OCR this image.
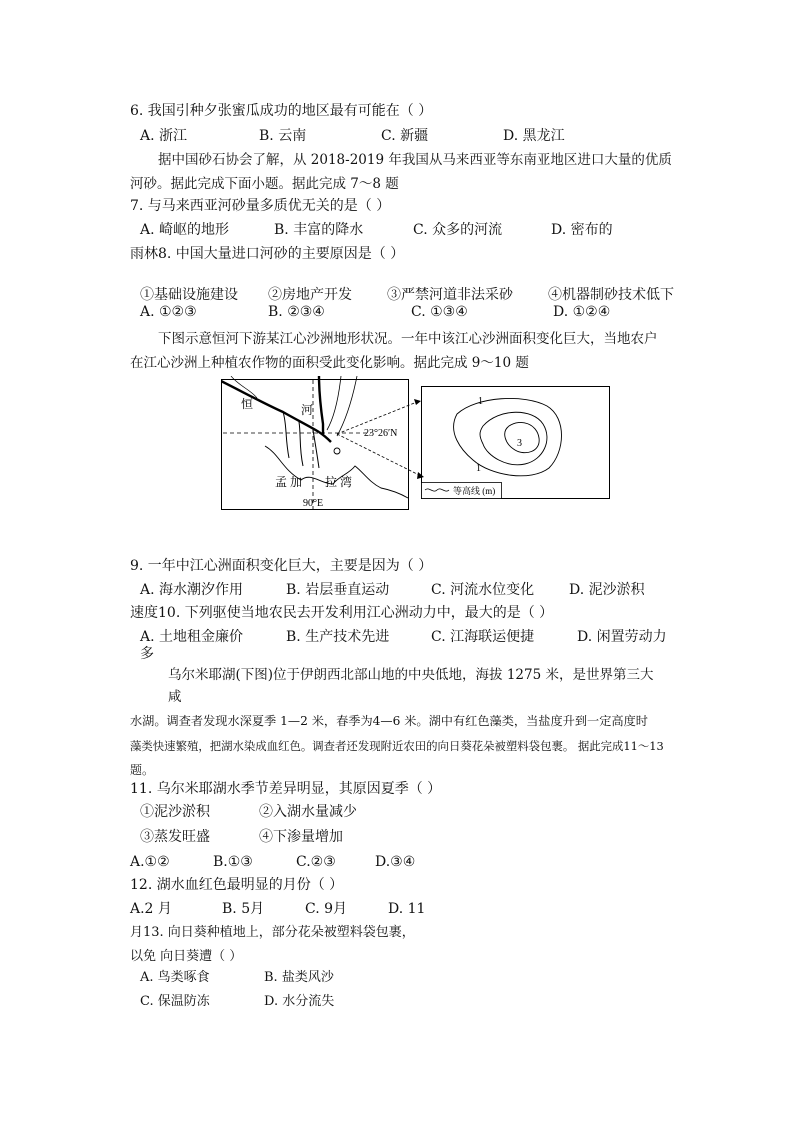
6. 我国引种夕张蜜瓜成功的地区最有可能在（ ）
A. 浙江	B. 云南	C. 新疆	D. 黑龙江
据中国砂石协会了解，从 2018-2019 年我国从马来西亚等东南亚地区进口大量的优质
河砂。据此完成下面小题。据此完成 7～8 题
7. 与马来西亚河砂量多质优无关的是（ ）
A. 崎岖的地形	B. 丰富的降水	C. 众多的河流	D. 密布的
雨林8. 中国大量进口河砂的主要原因是（ ）
①基础设施建设 ②房地产开发	③严禁河道非法采砂	④机器制砂技术低下
A. ①②③	B. ②③④	C. ①③④	D. ①②④
下图示意恒河下游某江心沙洲地形状况。一年中该江心沙洲面积变化巨大，当地农户
在江心沙洲上种植农作物的面积受此变化影响。据此完成 9～10 题
恒	河
23°26′N
孟 加 拉 湾
90°E
1
1
3
等高线 (m)
9. 一年中江心洲面积变化巨大，主要是因为（ ）
A. 海水潮汐作用	B. 岩层垂直运动	C. 河流水位变化 D. 泥沙淤积
速度10. 下列驱使当地农民去开发利用江心洲动力中，最大的是（ ）
A. 土地租金廉价	B. 生产技术先进	C. 江海联运便捷	D. 闲置劳动力
多
乌尔米耶湖(下图)位于伊朗西北部山地的中央低地，海拔 1275 米，是世界第三大
咸
水湖。调查者发现水深夏季 1—2 米，春季为4—6 米。湖中有红色藻类，当盐度升到一定高度时
藻类快速繁殖，把湖水染成血红色。调查者还发现附近农田的向日葵花朵被塑料袋包裹。 据此完成11～13
题。
11. 乌尔米耶湖水季节差异明显，其原因夏季（ ）
①泥沙淤积	②入湖水量减少
③蒸发旺盛	④下渗量增加
A.①②	B.①③	C.②③	D.③④
12. 湖水血红色最明显的月份（ ）
A.2 月	B. 5月	C. 9月	D. 11
月13. 向日葵种植地上，部分花朵被塑料袋包裹，
以免 向日葵遭（ ）
A. 鸟类啄食	B. 盐类风沙
C. 保温防冻	D. 水分流失
